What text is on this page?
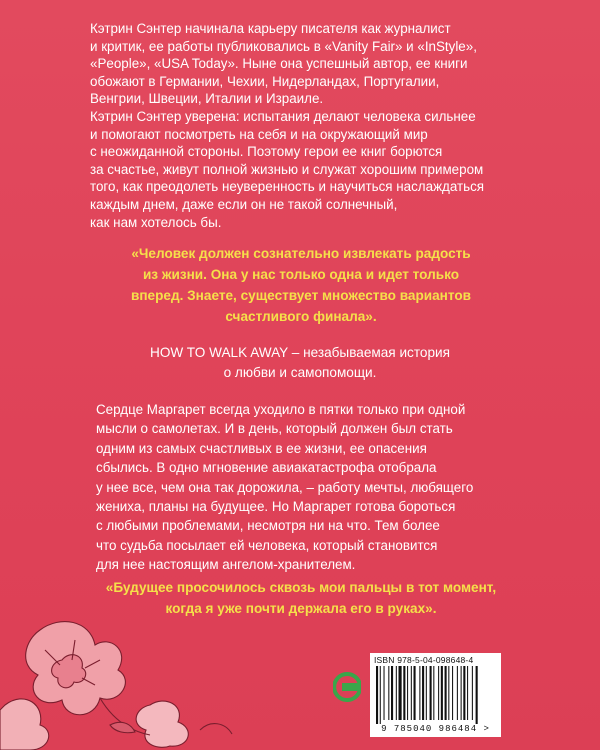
Кэтрин Сэнтер начинала карьеру писателя как журналист

и критик, ее работы публиковались в «Vanity Fair» и «InStyle»,

«People», «USA Today». Ныне она успешный автор, ее книги

обожают в Германии, Чехии, Нидерландах, Португалии,

Венгрии, Швеции, Италии и Израиле.

Кэтрин Сэнтер уверена: испытания делают человека сильнее

и помогают посмотреть на себя и на окружающий мир

с неожиданной стороны. Поэтому герои ее книг борются

за счастье, живут полной жизнью и служат хорошим примером

того, как преодолеть неуверенность и научиться наслаждаться

каждым днем, даже если он не такой солнечный,

как нам хотелось бы.

«Человек должен сознательно извлекать радость
из жизни. Она у нас только одна и идет только
вперед. Знаете, существует множество вариантов
счастливого финала».
HOW TO WALK AWAY – незабываемая история
о любви и самопомощи.

Сердце Маргарет всегда уходило в пятки только при одной

мысли о самолетах. И в день, который должен был стать

одним из самых счастливых в ее жизни, ее опасения

сбылись. В одно мгновение авиакатастрофа отобрала

у нее все, чем она так дорожила, – работу мечты, любящего

жениха, планы на будущее. Но Маргарет готова бороться

с любыми проблемами, несмотря ни на что. Тем более

что судьба посылает ей человека, который становится

для нее настоящим ангелом-хранителем.

«Будущее просочилось сквозь мои пальцы в тот момент,
когда я уже почти держала его в руках».
ISBN 978-5-04-098648-4
9 785040 986484 >
